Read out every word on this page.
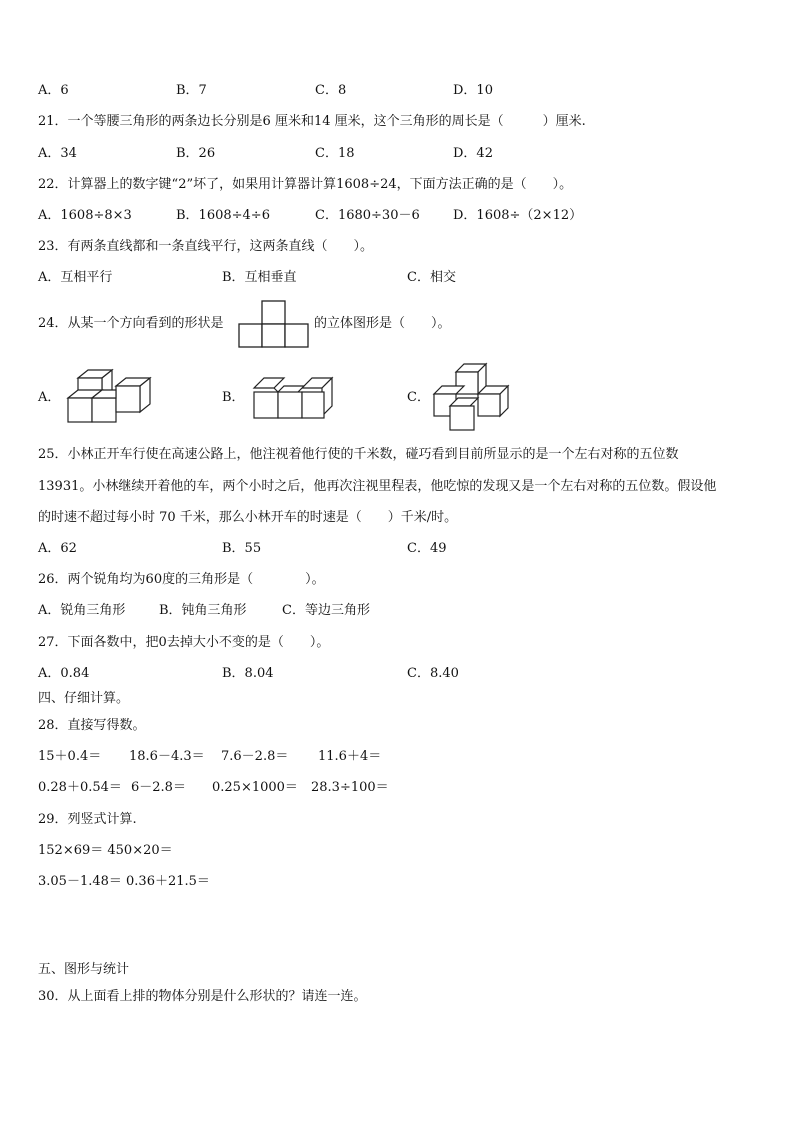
A．6	B．7	C．8	D．10
21．一个等腰三角形的两条边长分别是6 厘米和14 厘米，这个三角形的周长是（　　　）厘米.
A．34	B．26	C．18	D．42
22．计算器上的数字键“2”坏了，如果用计算器计算1608÷24，下面方法正确的是（　　）。
A．1608÷8×3	B．1608÷4÷6	C．1680÷30－6	D．1608÷（2×12）
23．有两条直线都和一条直线平行，这两条直线（　　）。
A．互相平行	B．互相垂直	C．相交
24．从某一个方向看到的形状是	的立体图形是（　　）。
A．	B．	C．
25．小林正开车行使在高速公路上，他注视着他行使的千米数，碰巧看到目前所显示的是一个左右对称的五位数
13931。小林继续开着他的车，两个小时之后，他再次注视里程表，他吃惊的发现又是一个左右对称的五位数。假设他
的时速不超过每小时 70 千米，那么小林开车的时速是（　　）千米/时。
A．62	B．55	C．49
26．两个锐角均为60度的三角形是（　　　　）。
A．锐角三角形	B．钝角三角形	C．等边三角形
27．下面各数中，把0去掉大小不变的是（　　）。
A．0.84	B．8.04	C．8.40
四、仔细计算。
28．直接写得数。
15＋0.4＝ 18.6－4.3＝ 7.6－2.8＝ 11.6＋4＝
0.28＋0.54＝ 6－2.8＝ 0.25×1000＝ 28.3÷100＝
29．列竖式计算.
152×69＝ 450×20＝
3.05－1.48＝ 0.36＋21.5＝
五、图形与统计
30．从上面看上排的物体分别是什么形状的？请连一连。
